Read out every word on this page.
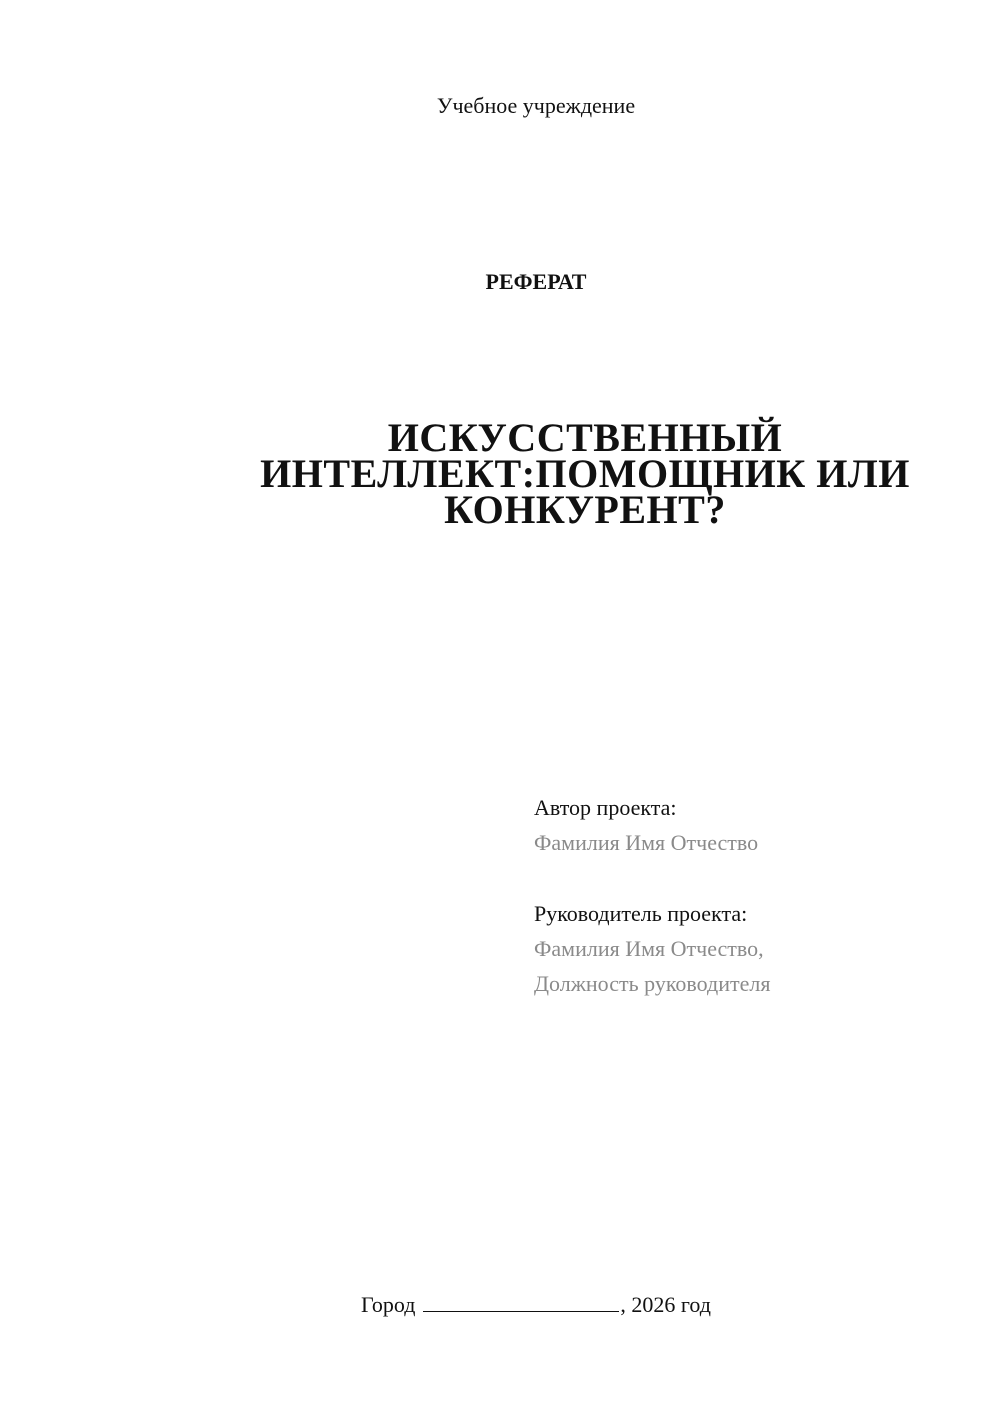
Учебное учреждение
РЕФЕРАТ
ИСКУССТВЕННЫЙ
ИНТЕЛЛЕКТ:ПОМОЩНИК ИЛИ
КОНКУРЕНТ?
Автор проекта:
Фамилия Имя Отчество
Руководитель проекта:
Фамилия Имя Отчество,
Должность руководителя
Город	, 2026 год
